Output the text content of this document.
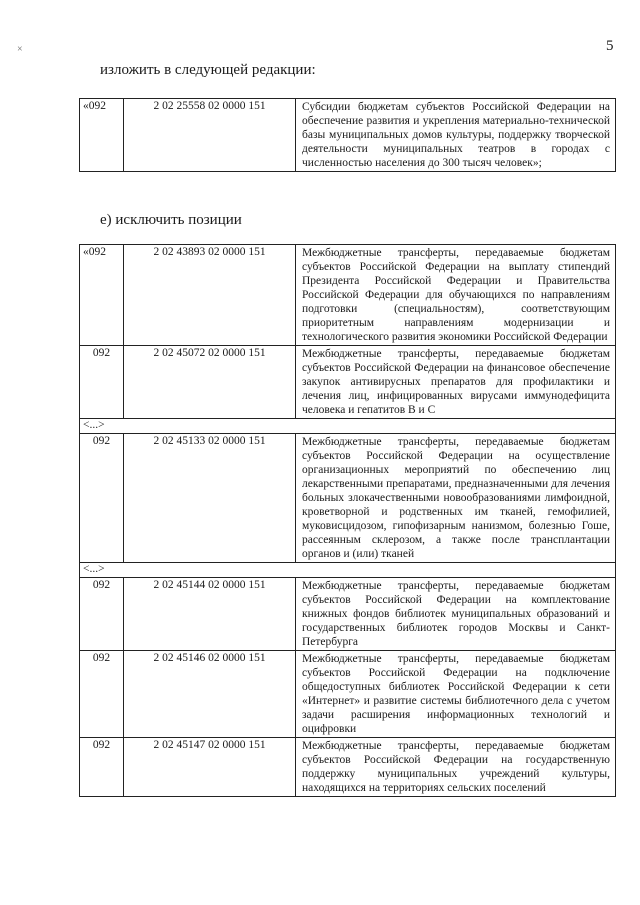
5
×
изложить в следующей редакции:
«092	2 02 25558 02 0000 151	Субсидии бюджетам субъектов Российской Федерации на обеспечение развития и укрепления материально-технической базы муниципальных домов культуры, поддержку творческой деятельности муниципальных театров в городах с численностью населения до 300 тысяч человек»;
е) исключить позиции
«092	2 02 43893 02 0000 151	Межбюджетные трансферты, передаваемые бюджетам субъектов Российской Федерации на выплату стипендий Президента Российской Федерации и Правительства Российской Федерации для обучающихся по направлениям подготовки (специальностям), соответствующим приоритетным направлениям модернизации и технологического развития экономики Российской Федерации
092	2 02 45072 02 0000 151	Межбюджетные трансферты, передаваемые бюджетам субъектов Российской Федерации на финансовое обеспечение закупок антивирусных препаратов для профилактики и лечения лиц, инфицированных вирусами иммунодефицита человека и гепатитов В и С
<...>		
092	2 02 45133 02 0000 151	Межбюджетные трансферты, передаваемые бюджетам субъектов Российской Федерации на осуществление организационных мероприятий по обеспечению лиц лекарственными препаратами, предназначенными для лечения больных злокачественными новообразованиями лимфоидной, кроветворной и родственных им тканей, гемофилией, муковисцидозом, гипофизарным нанизмом, болезнью Гоше, рассеянным склерозом, а также после трансплантации органов и (или) тканей
<...>		
092	2 02 45144 02 0000 151	Межбюджетные трансферты, передаваемые бюджетам субъектов Российской Федерации на комплектование книжных фондов библиотек муниципальных образований и государственных библиотек городов Москвы и Санкт-Петербурга
092	2 02 45146 02 0000 151	Межбюджетные трансферты, передаваемые бюджетам субъектов Российской Федерации на подключение общедоступных библиотек Российской Федерации к сети «Интернет» и развитие системы библиотечного дела с учетом задачи расширения информационных технологий и оцифровки
092	2 02 45147 02 0000 151	Межбюджетные трансферты, передаваемые бюджетам субъектов Российской Федерации на государственную поддержку муниципальных учреждений культуры, находящихся на территориях сельских поселений
